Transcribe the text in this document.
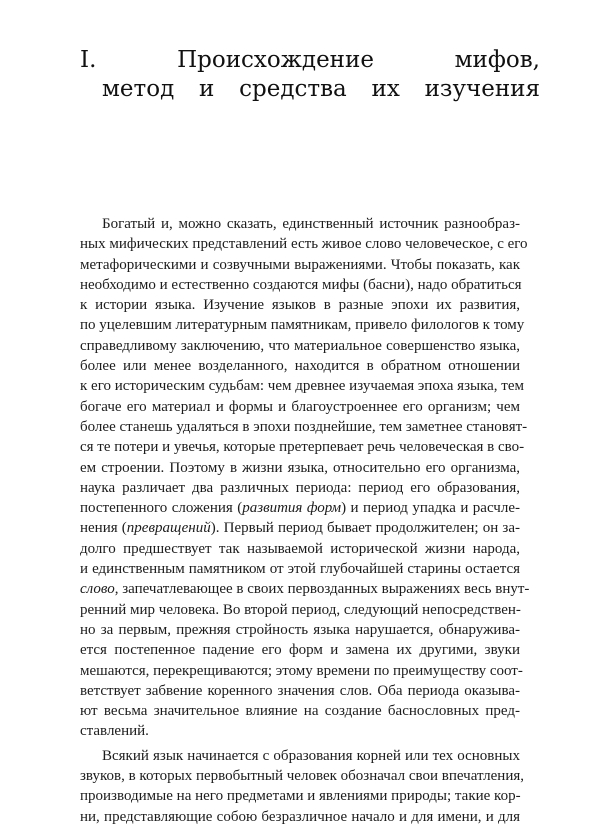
I. Происхождение мифов,
метод и средства их изучения

Богатый и, можно сказать, единственный источник разнообраз-
ных мифических представлений есть живое слово человеческое, с его
метафорическими и созвучными выражениями. Чтобы показать, как
необходимо и естественно создаются мифы (басни), надо обратиться
к истории языка. Изучение языков в разные эпохи их развития,
по уцелевшим литературным памятникам, привело филологов к тому
справедливому заключению, что материальное совершенство языка,
более или менее возделанного, находится в обратном отношении
к его историческим судьбам: чем древнее изучаемая эпоха языка, тем
богаче его материал и формы и благоустроеннее его организм; чем
более станешь удаляться в эпохи позднейшие, тем заметнее становят-
ся те потери и увечья, которые претерпевает речь человеческая в сво-
ем строении. Поэтому в жизни языка, относительно его организма,
наука различает два различных периода: период его образования,
постепенного сложения (развития форм) и период упадка и расчле-
нения (превращений). Первый период бывает продолжителен; он за-
долго предшествует так называемой исторической жизни народа,
и единственным памятником от этой глубочайшей старины остается
слово, запечатлевающее в своих первозданных выражениях весь внут-
ренний мир человека. Во второй период, следующий непосредствен-
но за первым, прежняя стройность языка нарушается, обнаружива-
ется постепенное падение его форм и замена их другими, звуки
мешаются, перекрещиваются; этому времени по преимуществу соот-
ветствует забвение коренного значения слов. Оба периода оказыва-
ют весьма значительное влияние на создание баснословных пред-
ставлений.

Всякий язык начинается с образования корней или тех основных
звуков, в которых первобытный человек обозначал свои впечатления,
производимые на него предметами и явлениями природы; такие кор-
ни, представляющие собою безразличное начало и для имени, и для
